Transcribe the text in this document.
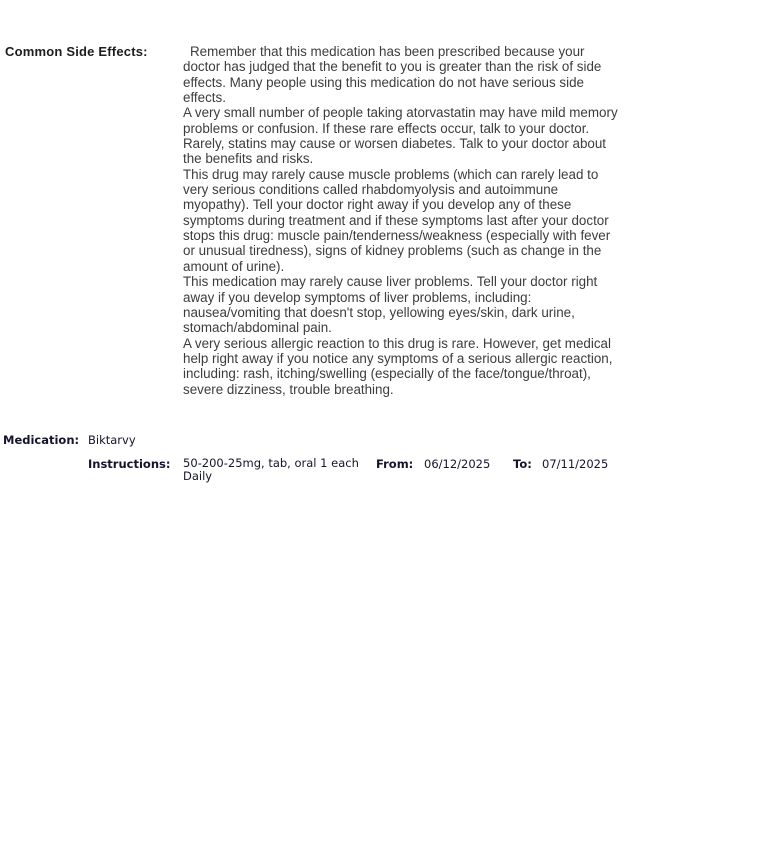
Common Side Effects:	Remember that this medication has been prescribed because your doctor has judged that the benefit to you is greater than the risk of side effects. Many people using this medication do not have serious side effects.

A very small number of people taking atorvastatin may have mild memory problems or confusion. If these rare effects occur, talk to your doctor.

Rarely, statins may cause or worsen diabetes. Talk to your doctor about the benefits and risks.

This drug may rarely cause muscle problems (which can rarely lead to very serious conditions called rhabdomyolysis and autoimmune myopathy). Tell your doctor right away if you develop any of these symptoms during treatment and if these symptoms last after your doctor stops this drug: muscle pain/tenderness/weakness (especially with fever or unusual tiredness), signs of kidney problems (such as change in the amount of urine).

This medication may rarely cause liver problems. Tell your doctor right away if you develop symptoms of liver problems, including: nausea/vomiting that doesn't stop, yellowing eyes/skin, dark urine, stomach/abdominal pain.

A very serious allergic reaction to this drug is rare. However, get medical help right away if you notice any symptoms of a serious allergic reaction, including: rash, itching/swelling (especially of the face/tongue/throat), severe dizziness, trouble breathing.

Medication: Biktarvy
Instructions: 50-200-25mg, tab, oral 1 each Daily
From: 06/12/2025 To: 07/11/2025
